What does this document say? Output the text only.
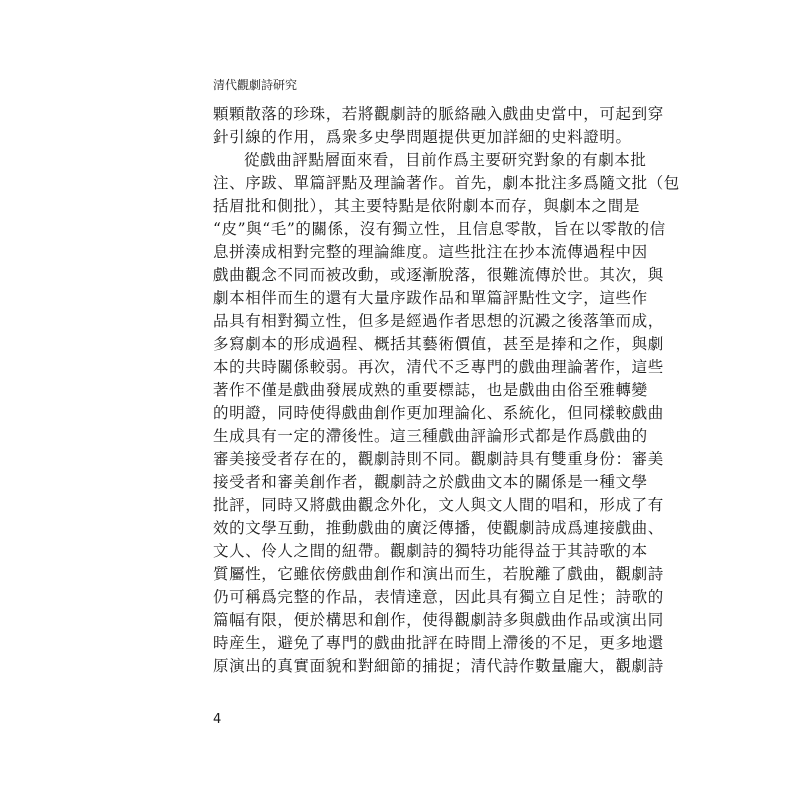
清代觀劇詩研究
顆顆散落的珍珠，若將觀劇詩的脈絡融入戲曲史當中，可起到穿
針引線的作用，爲衆多史學問題提供更加詳細的史料證明。
從戲曲評點層面來看，目前作爲主要研究對象的有劇本批
注、序跋、單篇評點及理論著作。首先，劇本批注多爲隨文批（包
括眉批和側批），其主要特點是依附劇本而存，與劇本之間是
“皮”與“毛”的關係，沒有獨立性，且信息零散，旨在以零散的信
息拼湊成相對完整的理論維度。這些批注在抄本流傳過程中因
戲曲觀念不同而被改動，或逐漸脫落，很難流傳於世。其次，與
劇本相伴而生的還有大量序跋作品和單篇評點性文字，這些作
品具有相對獨立性，但多是經過作者思想的沉澱之後落筆而成，
多寫劇本的形成過程、概括其藝術價值，甚至是捧和之作，與劇
本的共時關係較弱。再次，清代不乏專門的戲曲理論著作，這些
著作不僅是戲曲發展成熟的重要標誌，也是戲曲由俗至雅轉變
的明證，同時使得戲曲創作更加理論化、系統化，但同樣較戲曲
生成具有一定的滯後性。這三種戲曲評論形式都是作爲戲曲的
審美接受者存在的，觀劇詩則不同。觀劇詩具有雙重身份：審美
接受者和審美創作者，觀劇詩之於戲曲文本的關係是一種文學
批評，同時又將戲曲觀念外化，文人與文人間的唱和，形成了有
效的文學互動，推動戲曲的廣泛傳播，使觀劇詩成爲連接戲曲、
文人、伶人之間的紐帶。觀劇詩的獨特功能得益于其詩歌的本
質屬性，它雖依傍戲曲創作和演出而生，若脫離了戲曲，觀劇詩
仍可稱爲完整的作品，表情達意，因此具有獨立自足性；詩歌的
篇幅有限，便於構思和創作，使得觀劇詩多與戲曲作品或演出同
時産生，避免了專門的戲曲批評在時間上滯後的不足，更多地還
原演出的真實面貌和對細節的捕捉；清代詩作數量龐大，觀劇詩
4
